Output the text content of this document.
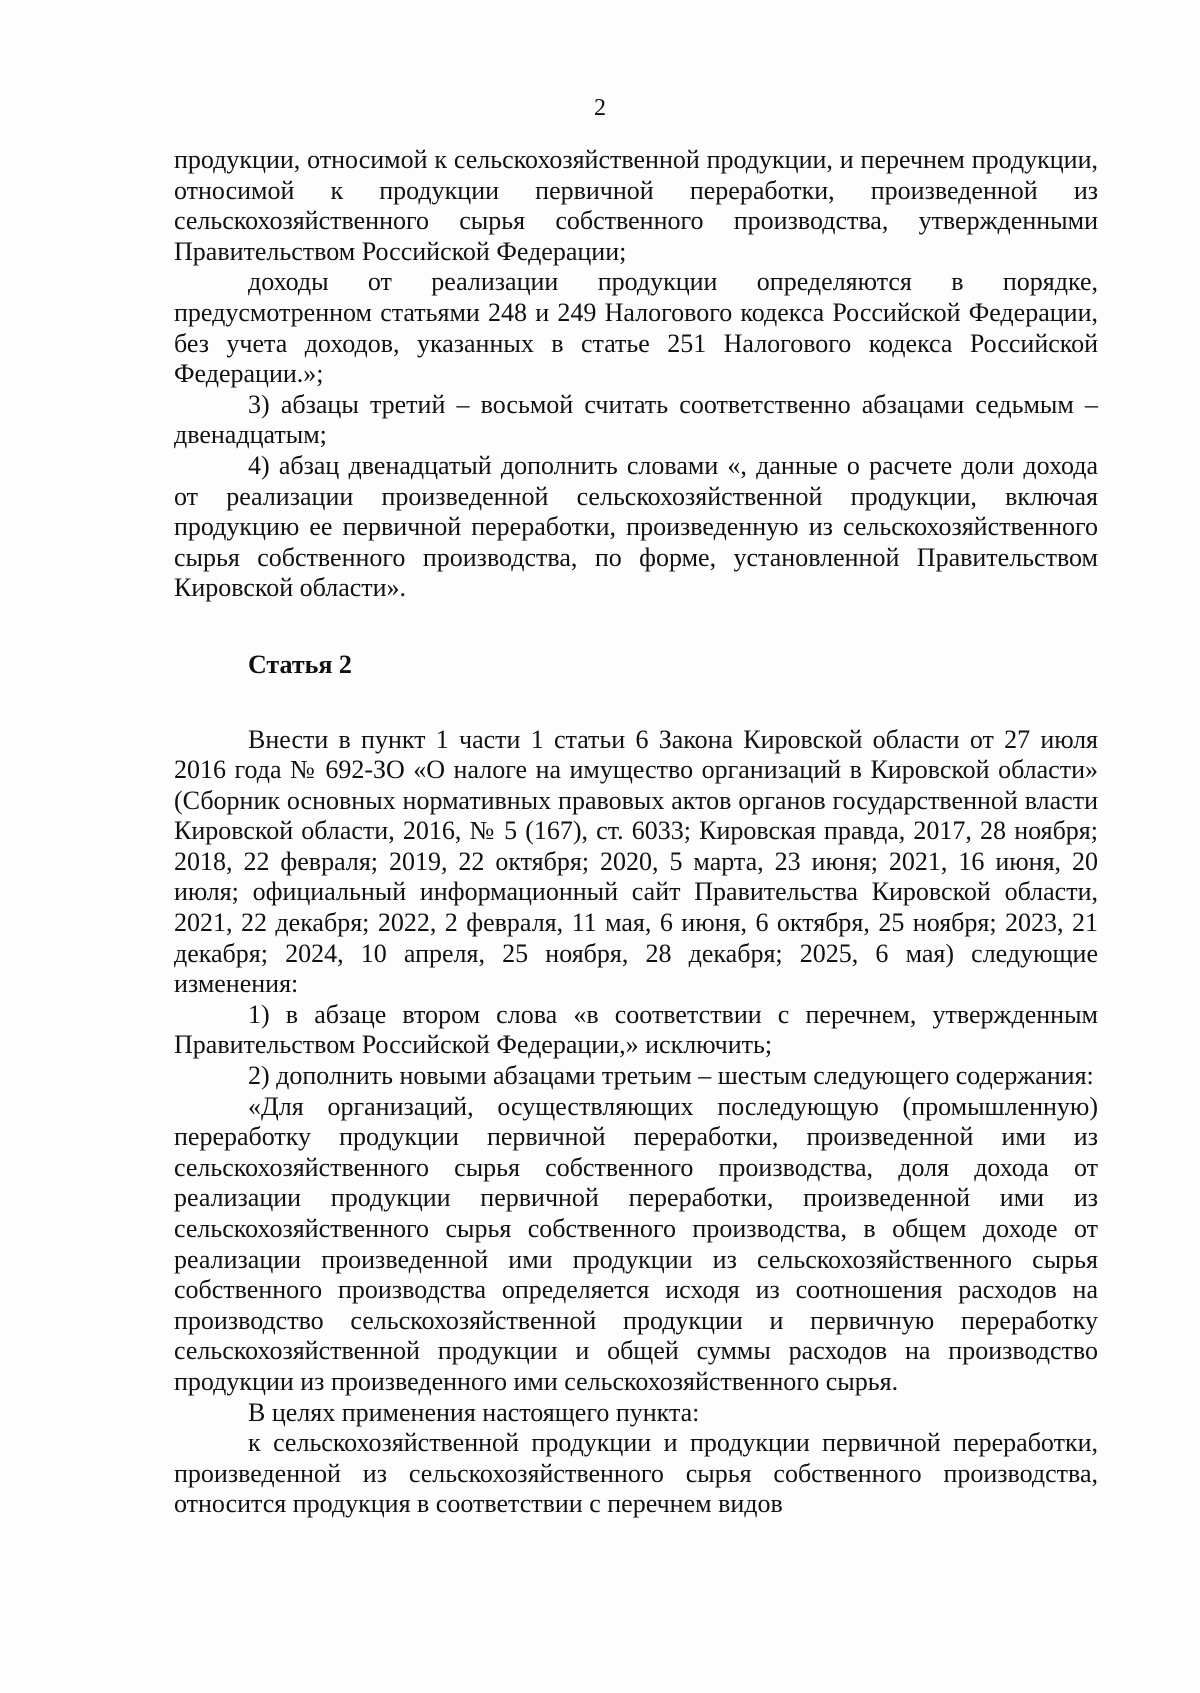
2

продукции, относимой к сельскохозяйственной продукции, и перечнем продукции, относимой к продукции первичной переработки, произведенной из сельскохозяйственного сырья собственного производства, утвержденными Правительством Российской Федерации;

доходы от реализации продукции определяются в порядке, предусмотренном статьями 248 и 249 Налогового кодекса Российской Федерации, без учета доходов, указанных в статье 251 Налогового кодекса Российской Федерации.»;

3) абзацы третий – восьмой считать соответственно абзацами седьмым – двенадцатым;

4) абзац двенадцатый дополнить словами «, данные о расчете доли дохода от реализации произведенной сельскохозяйственной продукции, включая продукцию ее первичной переработки, произведенную из сельскохозяйственного сырья собственного производства, по форме, установленной Правительством Кировской области».

Статья 2

Внести в пункт 1 части 1 статьи 6 Закона Кировской области от 27 июля 2016 года № 692-ЗО «О налоге на имущество организаций в Кировской области» (Сборник основных нормативных правовых актов органов государственной власти Кировской области, 2016, № 5 (167), ст. 6033; Кировская правда, 2017, 28 ноября; 2018, 22 февраля; 2019, 22 октября; 2020, 5 марта, 23 июня; 2021, 16 июня, 20 июля; официальный информационный сайт Правительства Кировской области, 2021, 22 декабря; 2022, 2 февраля, 11 мая, 6 июня, 6 октября, 25 ноября; 2023, 21 декабря; 2024, 10 апреля, 25 ноября, 28 декабря; 2025, 6 мая) следующие изменения:

1) в абзаце втором слова «в соответствии с перечнем, утвержденным Правительством Российской Федерации,» исключить;

2) дополнить новыми абзацами третьим – шестым следующего содержания:

«Для организаций, осуществляющих последующую (промышленную) переработку продукции первичной переработки, произведенной ими из сельскохозяйственного сырья собственного производства, доля дохода от реализации продукции первичной переработки, произведенной ими из сельскохозяйственного сырья собственного производства, в общем доходе от реализации произведенной ими продукции из сельскохозяйственного сырья собственного производства определяется исходя из соотношения расходов на производство сельскохозяйственной продукции и первичную переработку сельскохозяйственной продукции и общей суммы расходов на производство продукции из произведенного ими сельскохозяйственного сырья.

В целях применения настоящего пункта:

к сельскохозяйственной продукции и продукции первичной переработки, произведенной из сельскохозяйственного сырья собственного производства, относится продукция в соответствии с перечнем видов
